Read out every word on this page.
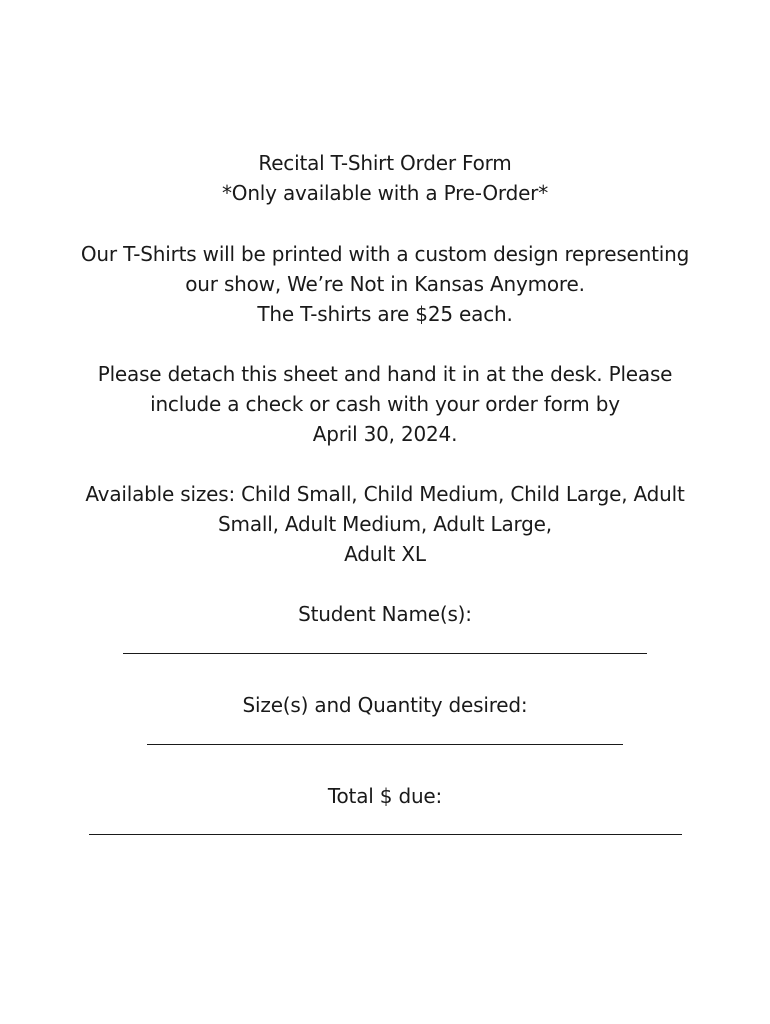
Recital T-Shirt Order Form
*Only available with a Pre-Order*
Our T-Shirts will be printed with a custom design representing
our show, We’re Not in Kansas Anymore.
The T-shirts are $25 each.
Please detach this sheet and hand it in at the desk. Please
include a check or cash with your order form by
April 30, 2024.
Available sizes: Child Small, Child Medium, Child Large, Adult
Small, Adult Medium, Adult Large,
Adult XL
Student Name(s):
Size(s) and Quantity desired:
Total $ due:
